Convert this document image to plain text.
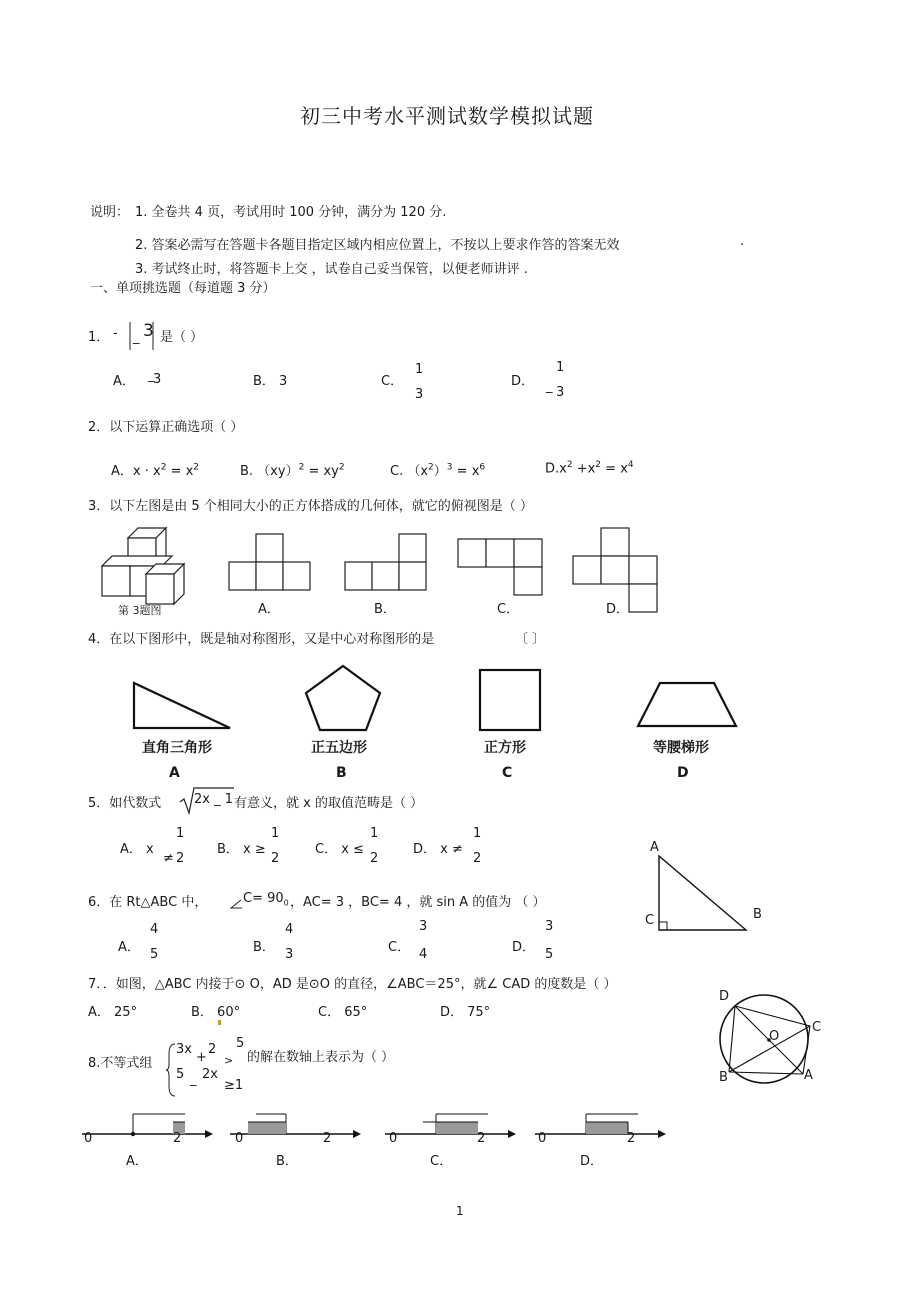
初三中考水平测试数学模拟试题
说明： 1. 全卷共 4 页，考试用时 100 分钟，满分为 120 分.
2. 答案必需写在答题卡各题目指定区域内相应位置上，不按以上要求作答的答案无效	.
3. 考试终止时，将答题卡上交 ，试卷自己妥当保管，以便老师讲评 .
一、单项挑选题（每道题 3 分）
1． - _ 3 是（ ）
A． _
3	B． 3	C．
1
3
D．
1
_ 3
2．以下运算正确选项（ ）
A．$x \cdot x^2 = x^2$	B. $(xy)^2 = xy^2$	C. $(x^2)^3 = x^6$	$D.x^2 +x^2 = x^4$
3．以下左图是由 5 个相同大小的正方体搭成的几何体，就它的俯视图是（ ）
第 3题图	A．	B．	C．	D．
4．在以下图形中，既是轴对称图形，又是中心对称图形的是	〔 〕
直角三角形
A
正五边形
B
正方形
C
等腰梯形
D
5．如代数式	2x _ 1 有意义，就 x 的取值范畴是（ ）
A． x
1
≠ 2
B． x ≥
1
2
C． x ≤
1
2
D． x ≠
1
2
A
C	B
6．在 Rt△ABC 中，	$C= 90_0$ ，AC= 3 ，BC= 4 ，就 sin A 的值为 （ ）
A．
4
5	B．
4
3	C．
3
4	D．
3
5
7．．如图，△ABC 内接于⊙ O，AD 是⊙O 的直径，∠ABC＝25°，就∠ CAD 的度数是（ ）
A． 25°	B． 60°	C． 65°	D． 75°
D
O
C
B	A
8.不等式组
3x
+
2
>
5
5 _ 2x
≥1
的解在数轴上表示为（ ）
0	2
A．
0	2
B．
0	2
C．
0	2
D．
1
